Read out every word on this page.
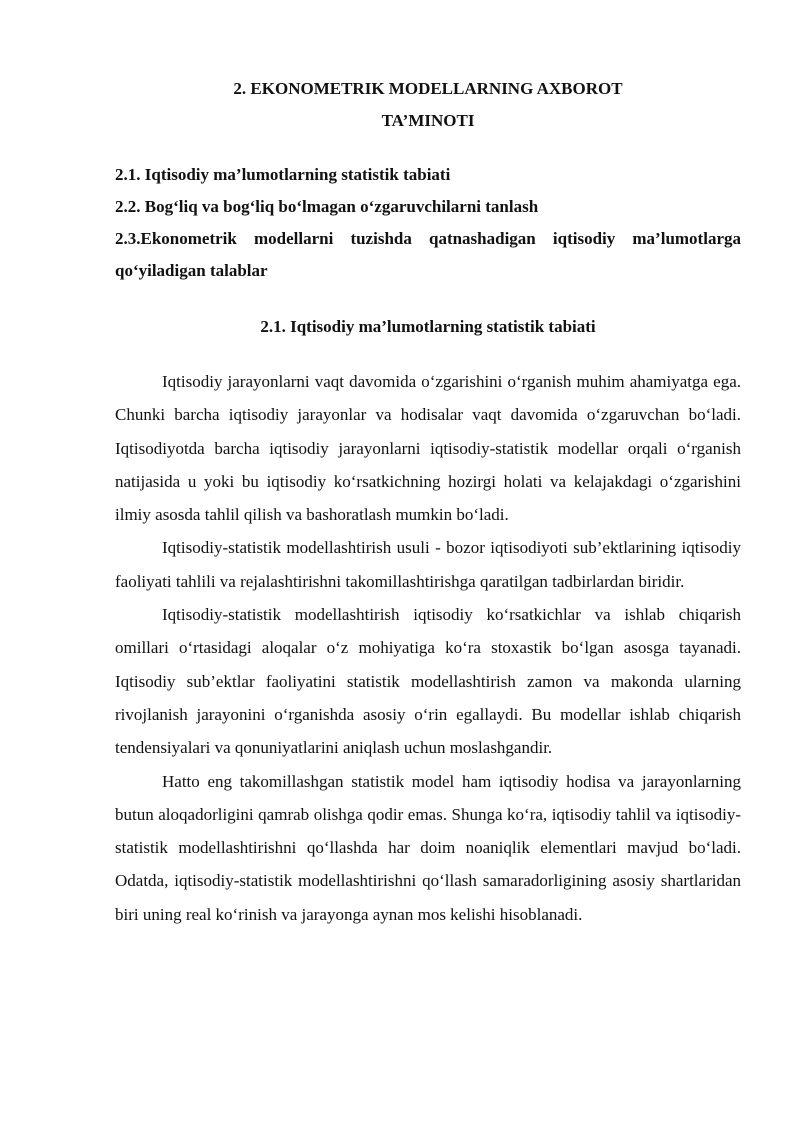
2. EKONOMETRIK MODELLARNING AXBOROT
TA’MINOTI
2.1. Iqtisodiy ma’lumotlarning statistik tabiati
2.2. Bog‘liq va bog‘liq bo‘lmagan o‘zgaruvchilarni tanlash
2.3.Ekonometrik modellarni tuzishda qatnashadigan iqtisodiy ma’lumotlarga qo‘yiladigan talablar
2.1. Iqtisodiy ma’lumotlarning statistik tabiati

Iqtisodiy jarayonlarni vaqt davomida o‘zgarishini o‘rganish muhim ahamiyatga ega. Chunki barcha iqtisodiy jarayonlar va hodisalar vaqt davomida o‘zgaruvchan bo‘ladi. Iqtisodiyotda barcha iqtisodiy jarayonlarni iqtisodiy-statistik modellar orqali o‘rganish natijasida u yoki bu iqtisodiy ko‘rsatkichning hozirgi holati va kelajakdagi o‘zgarishini ilmiy asosda tahlil qilish va bashoratlash mumkin bo‘ladi.

Iqtisodiy-statistik modellashtirish usuli - bozor iqtisodiyoti sub’ektlarining iqtisodiy faoliyati tahlili va rejalashtirishni takomillashtirishga qaratilgan tadbirlardan biridir.

Iqtisodiy-statistik modellashtirish iqtisodiy ko‘rsatkichlar va ishlab chiqarish omillari o‘rtasidagi aloqalar o‘z mohiyatiga ko‘ra stoxastik bo‘lgan asosga tayanadi. Iqtisodiy sub’ektlar faoliyatini statistik modellashtirish zamon va makonda ularning rivojlanish jarayonini o‘rganishda asosiy o‘rin egallaydi. Bu modellar ishlab chiqarish tendensiyalari va qonuniyatlarini aniqlash uchun moslashgandir.

Hatto eng takomillashgan statistik model ham iqtisodiy hodisa va jarayonlarning butun aloqadorligini qamrab olishga qodir emas. Shunga ko‘ra, iqtisodiy tahlil va iqtisodiy-statistik modellashtirishni qo‘llashda har doim noaniqlik elementlari mavjud bo‘ladi. Odatda, iqtisodiy-statistik modellashtirishni qo‘llash samaradorligining asosiy shartlaridan biri uning real ko‘rinish va jarayonga aynan mos kelishi hisoblanadi.
